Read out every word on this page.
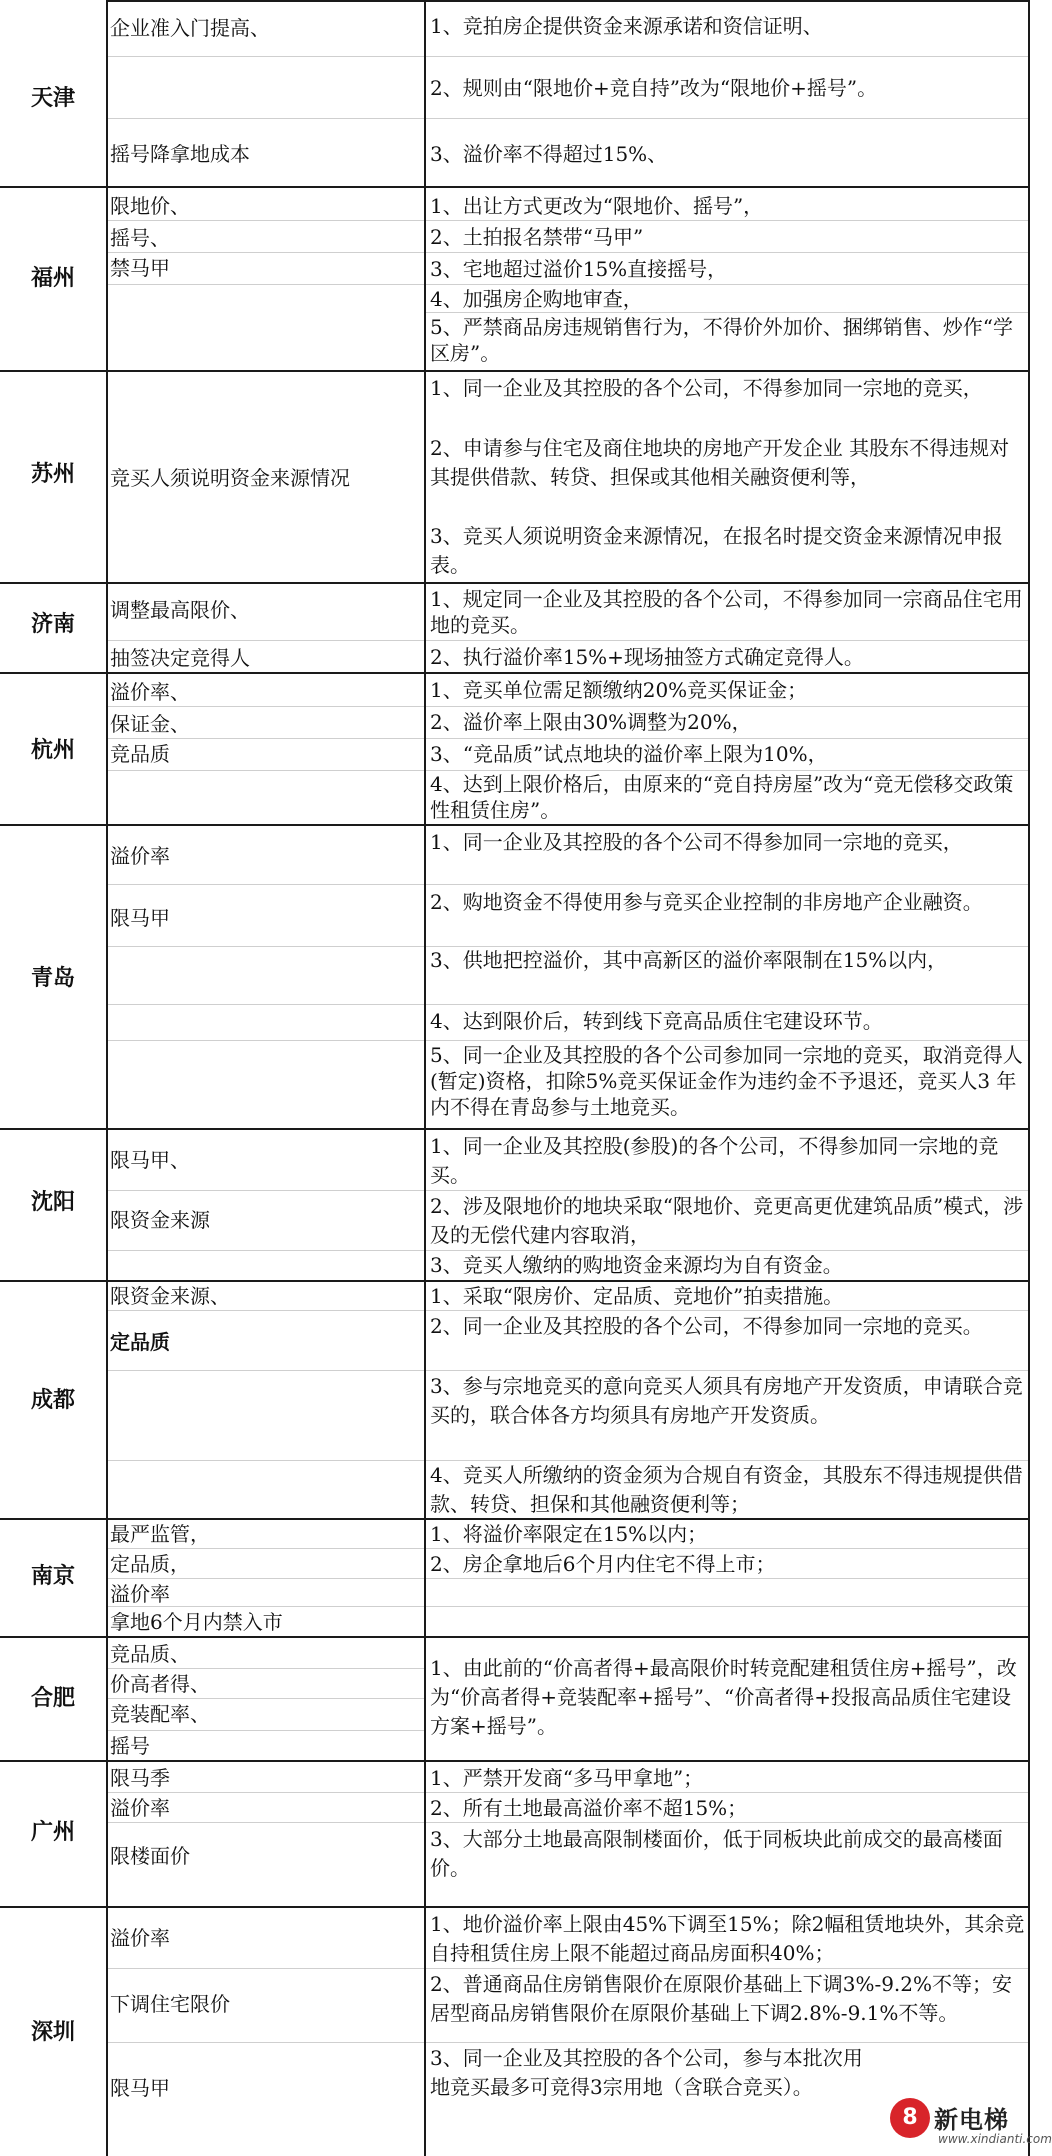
天津
企业准入门提高、
摇号降拿地成本
1、竞拍房企提供资金来源承诺和资信证明、
2、规则由“限地价+竞自持”改为“限地价+摇号”。
3、溢价率不得超过15%、
福州
限地价、
摇号、
禁马甲
1、出让方式更改为“限地价、摇号”，
2、土拍报名禁带“马甲”
3、宅地超过溢价15%直接摇号，
4、加强房企购地审查，
5、严禁商品房违规销售行为，不得价外加价、捆绑销售、炒作“学区房”。
苏州	竞买人须说明资金来源情况
1、同一企业及其控股的各个公司，不得参加同一宗地的竞买，
2、申请参与住宅及商住地块的房地产开发企业 其股东不得违规对其提供借款、转贷、担保或其他相关融资便利等，
3、竞买人须说明资金来源情况，在报名时提交资金来源情况申报表。
济南
调整最高限价、
抽签决定竞得人
1、规定同一企业及其控股的各个公司，不得参加同一宗商品住宅用地的竞买。
2、执行溢价率15%+现场抽签方式确定竞得人。
杭州
溢价率、
保证金、
竞品质
1、竞买单位需足额缴纳20%竞买保证金；
2、溢价率上限由30%调整为20%，
3、“竞品质”试点地块的溢价率上限为10%，
4、达到上限价格后，由原来的“竞自持房屋”改为“竞无偿移交政策性租赁住房”。
青岛
溢价率
限马甲
1、同一企业及其控股的各个公司不得参加同一宗地的竞买，
2、购地资金不得使用参与竞买企业控制的非房地产企业融资。
3、供地把控溢价，其中高新区的溢价率限制在15%以内，
4、达到限价后，转到线下竞高品质住宅建设环节。
5、同一企业及其控股的各个公司参加同一宗地的竞买，取消竞得人(暂定)资格，扣除5%竞买保证金作为违约金不予退还，竞买人3 年内不得在青岛参与土地竞买。
沈阳
限马甲、
限资金来源
1、同一企业及其控股(参股)的各个公司，不得参加同一宗地的竞买。
2、涉及限地价的地块采取“限地价、竞更高更优建筑品质”模式，涉及的无偿代建内容取消，
3、竞买人缴纳的购地资金来源均为自有资金。
成都
限资金来源、
定品质
1、采取“限房价、定品质、竞地价”拍卖措施。
2、同一企业及其控股的各个公司，不得参加同一宗地的竞买。
3、参与宗地竞买的意向竞买人须具有房地产开发资质，申请联合竞买的，联合体各方均须具有房地产开发资质。
4、竞买人所缴纳的资金须为合规自有资金，其股东不得违规提供借款、转贷、担保和其他融资便利等；
南京
最严监管，
定品质，
溢价率
拿地6个月内禁入市
1、将溢价率限定在15%以内；
2、房企拿地后6个月内住宅不得上市；
合肥
竞品质、
价高者得、
竞装配率、
摇号
1、由此前的“价高者得+最高限价时转竞配建租赁住房+摇号”，改为“价高者得+竞装配率+摇号”、“价高者得+投报高品质住宅建设方案+摇号”。
广州
限马季
溢价率
限楼面价
1、严禁开发商“多马甲拿地”；
2、所有土地最高溢价率不超15%；
3、大部分土地最高限制楼面价，低于同板块此前成交的最高楼面价。
深圳
溢价率
下调住宅限价
限马甲
1、地价溢价率上限由45%下调至15%；除2幅租赁地块外，其余竞自持租赁住房上限不能超过商品房面积40%；
2、普通商品住房销售限价在原限价基础上下调3%-9.2%不等；安居型商品房销售限价在原限价基础上下调2.8%-9.1%不等。
3、同一企业及其控股的各个公司，参与本批次用地竞买最多可竞得3宗用地（含联合竞买）。
8 新电梯
www.xindianti.com
